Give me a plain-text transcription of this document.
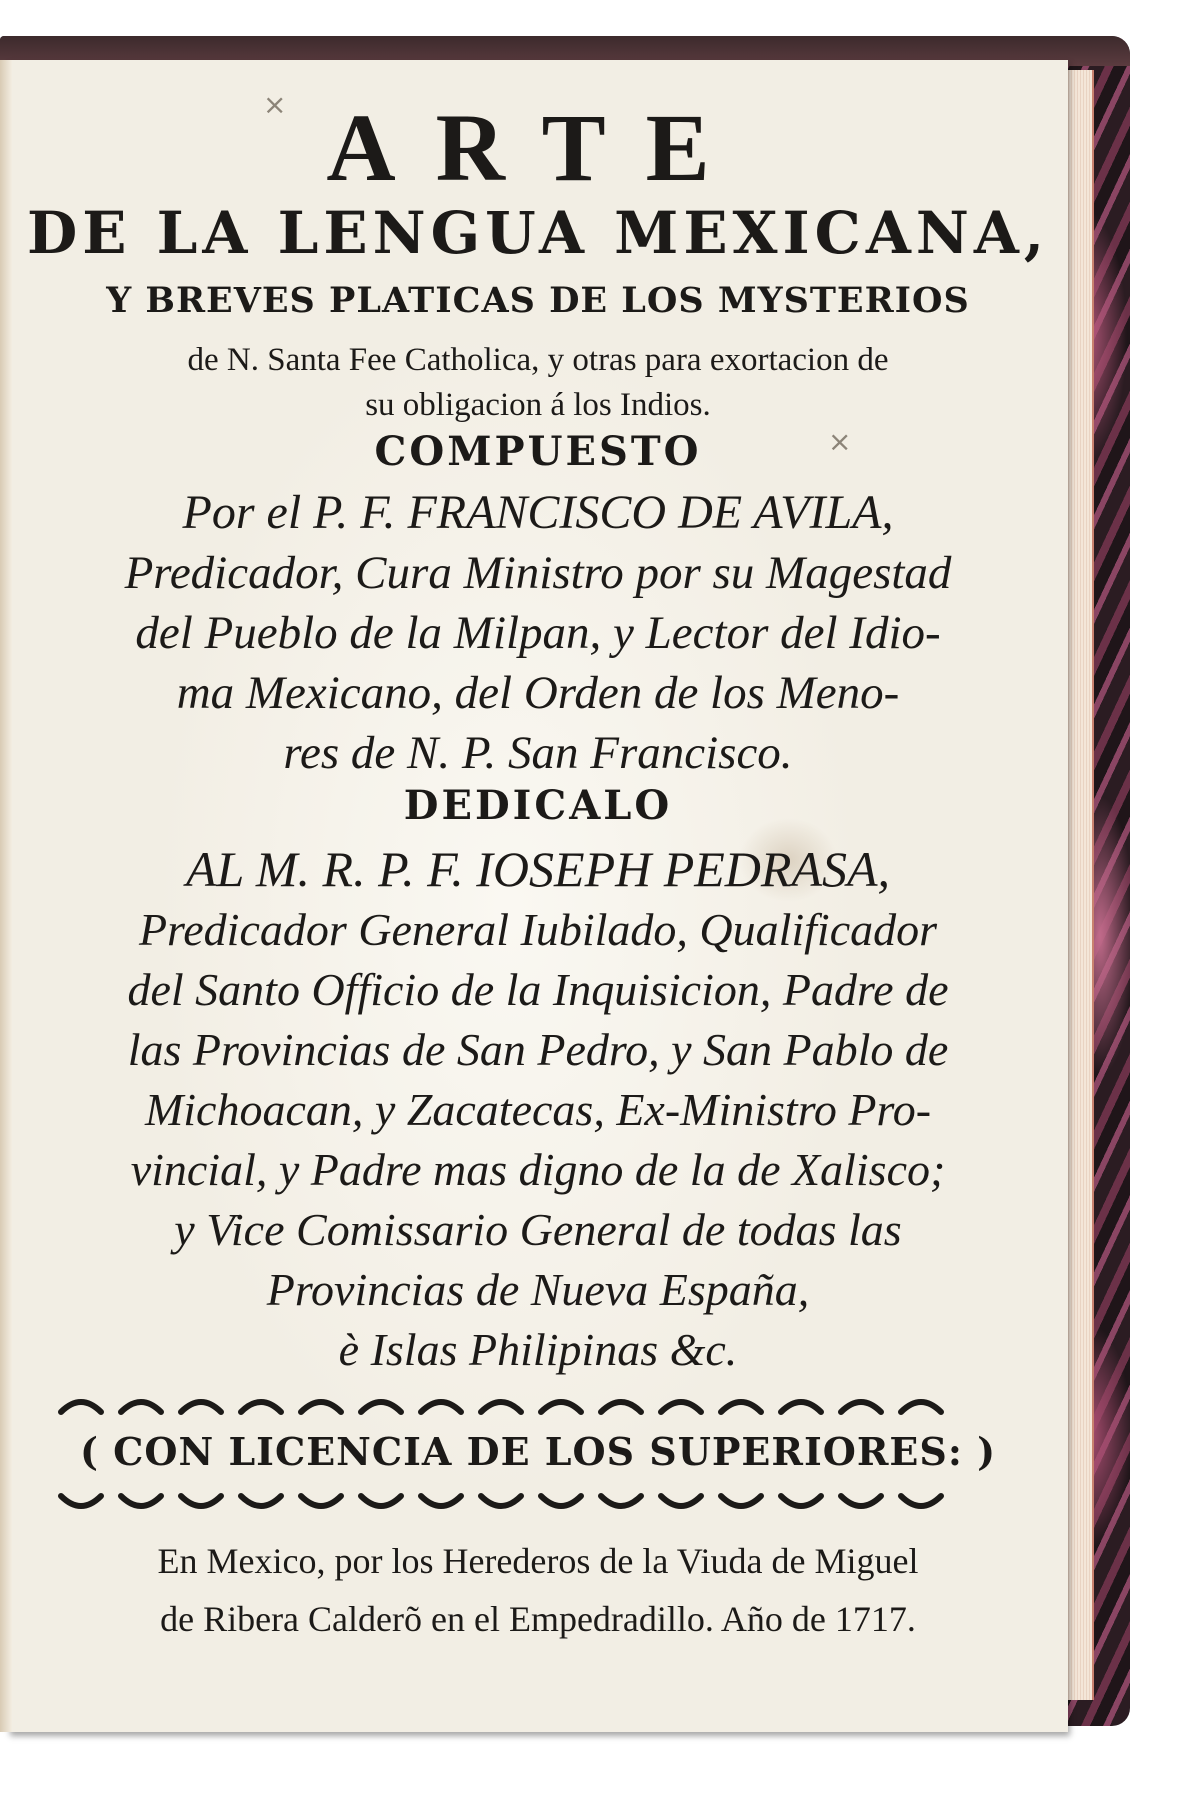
ARTE
DE LA LENGUA MEXICANA,
Y BREVES PLATICAS DE LOS MYSTERIOS
de N. Santa Fee Catholica, y otras para exortacion de
su obligacion á los Indios.
COMPUESTO
Por el P. F. FRANCISCO DE AVILA,
Predicador, Cura Ministro por su Magestad
del Pueblo de la Milpan, y Lector del Idio-
ma Mexicano, del Orden de los Meno-
res de N. P. San Francisco.
DEDICALO
AL M. R. P. F. IOSEPH PEDRASA,
Predicador General Iubilado, Qualificador
del Santo Officio de la Inquisicion, Padre de
las Provincias de San Pedro, y San Pablo de
Michoacan, y Zacatecas, Ex-Ministro Pro-
vincial, y Padre mas digno de la de Xalisco;
y Vice Comissario General de todas las
Provincias de Nueva España,
è Islas Philipinas &c.
( CON LICENCIA DE LOS SUPERIORES: )
En Mexico, por los Herederos de la Viuda de Miguel
de Ribera Calderõ en el Empedradillo. Año de 1717.
×
×
